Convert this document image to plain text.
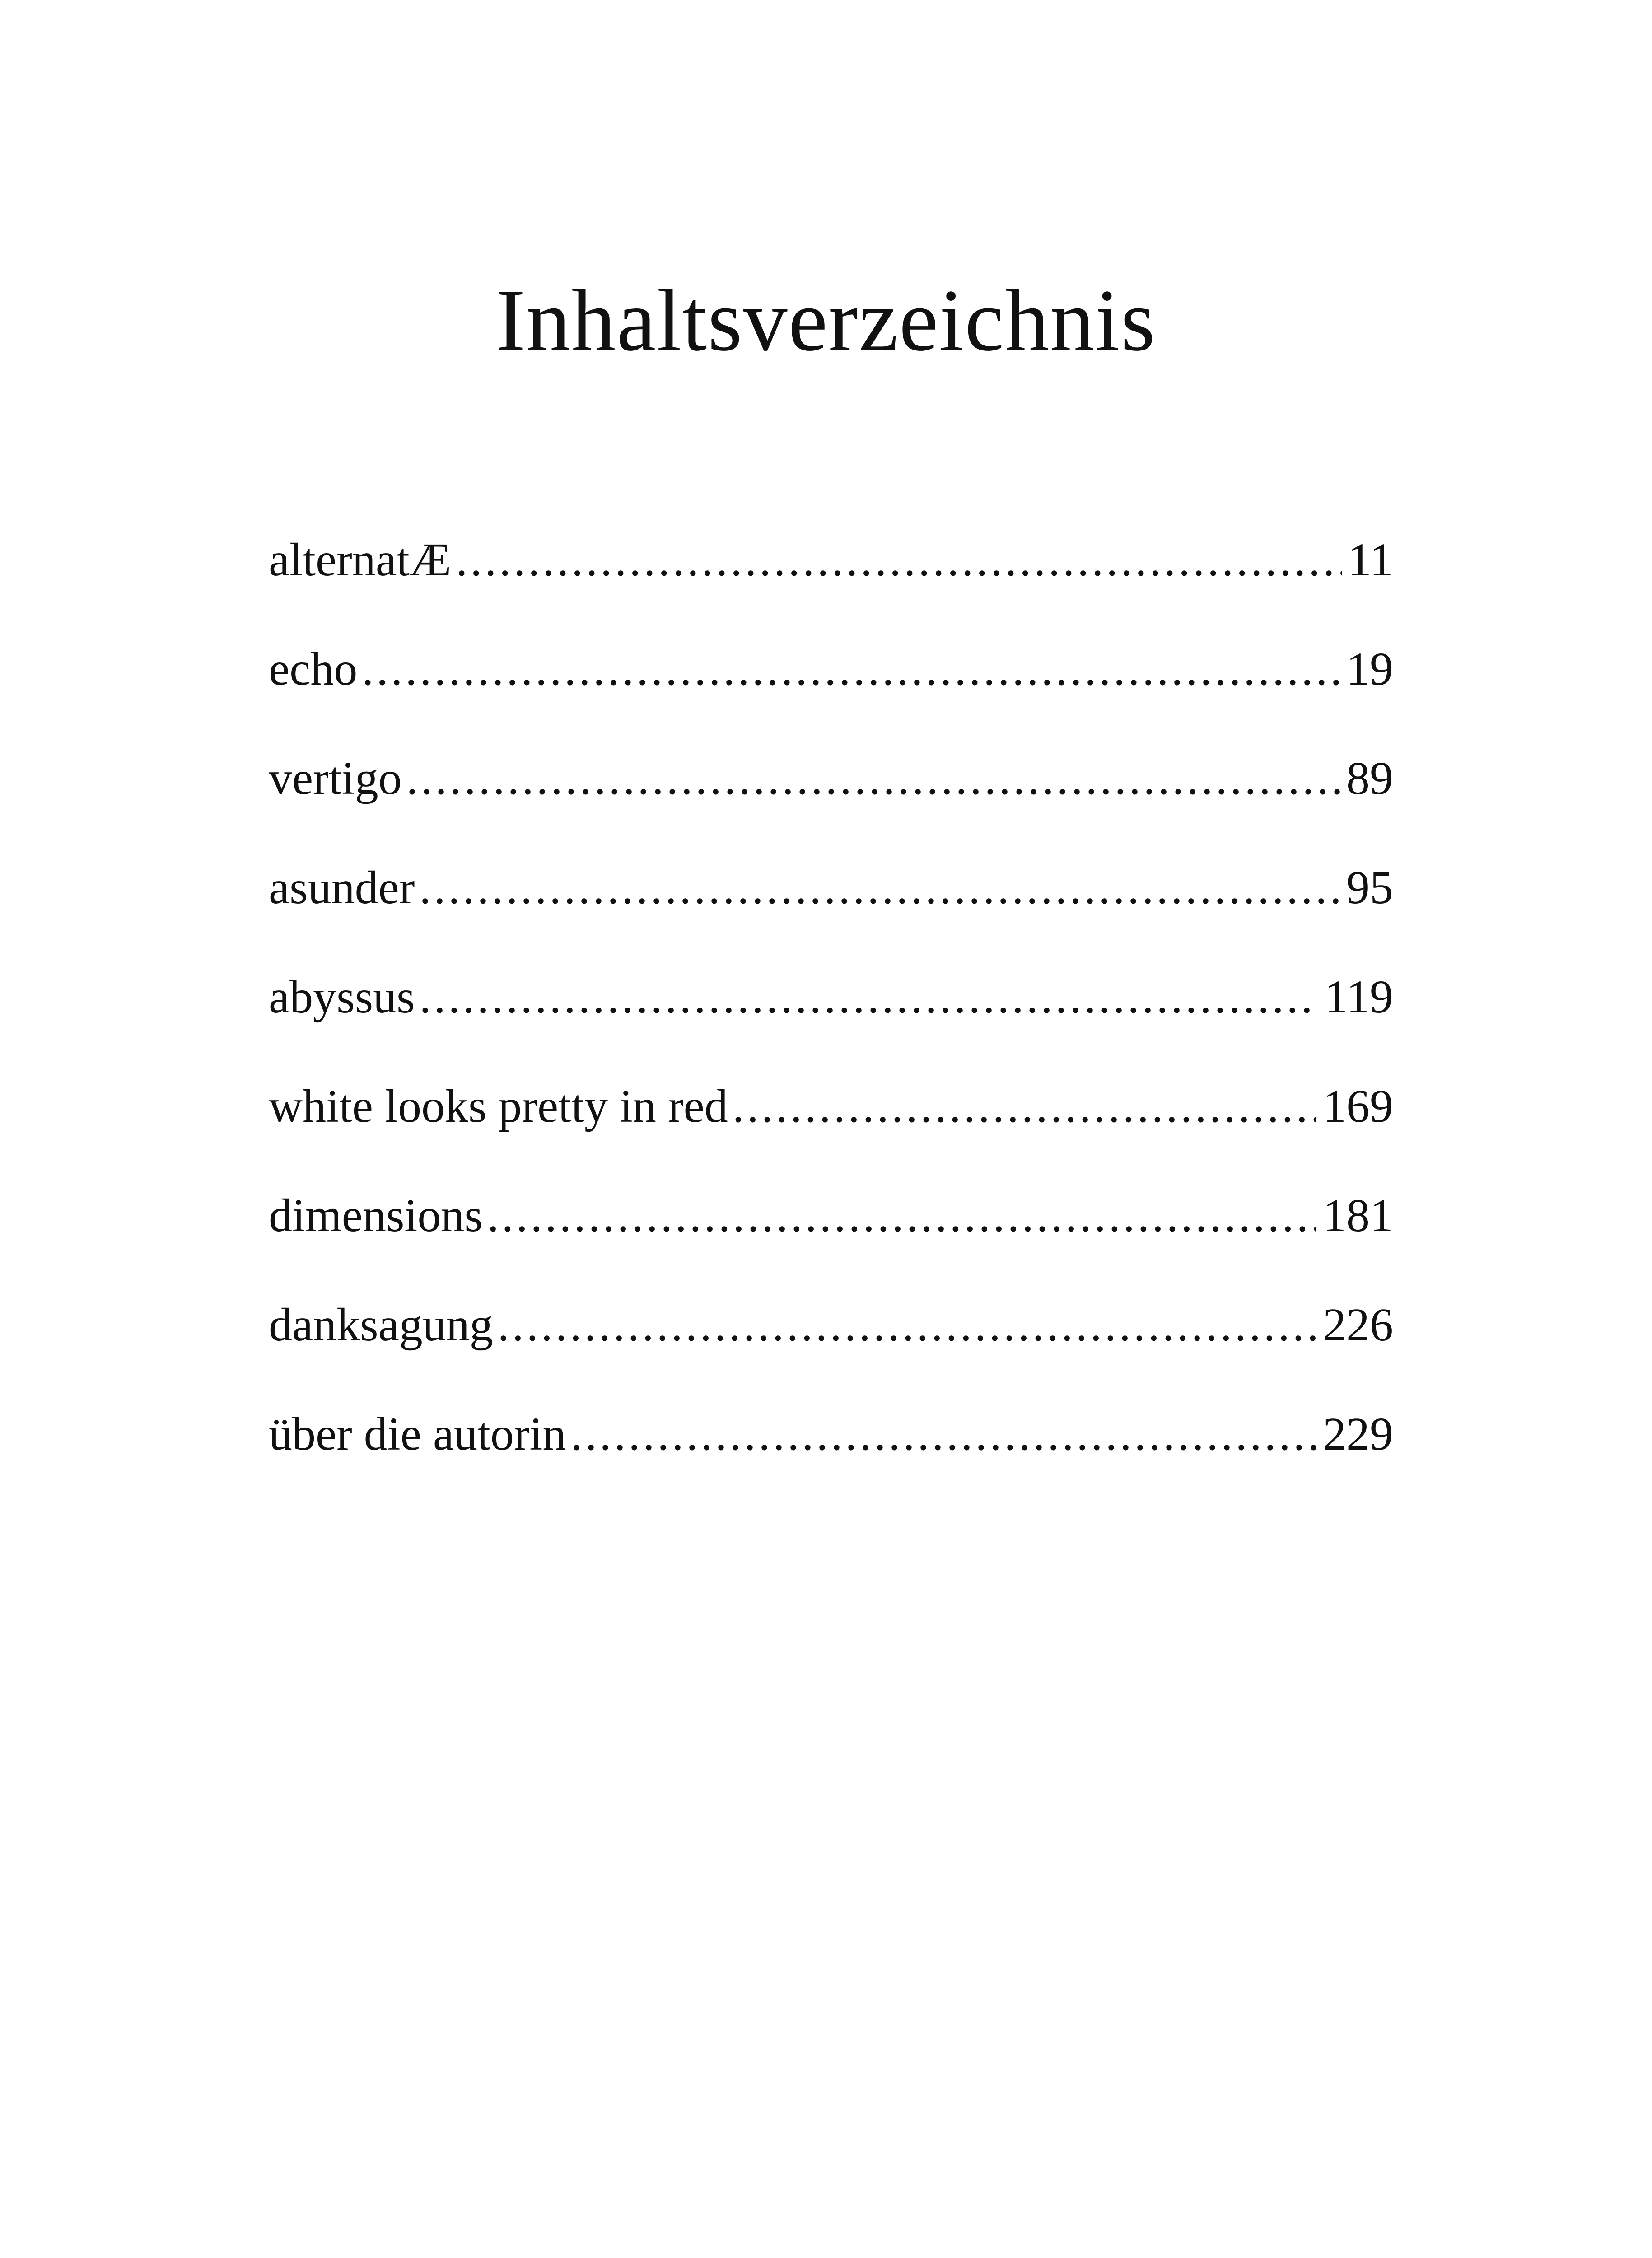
Inhaltsverzeichnis
alternatÆ .....	11
echo .....	19
vertigo .....	89
asunder .....	95
abyssus .....	119
white looks pretty in red .....	169
dimensions .....	181
danksagung .....	226
über die autorin .....	229
